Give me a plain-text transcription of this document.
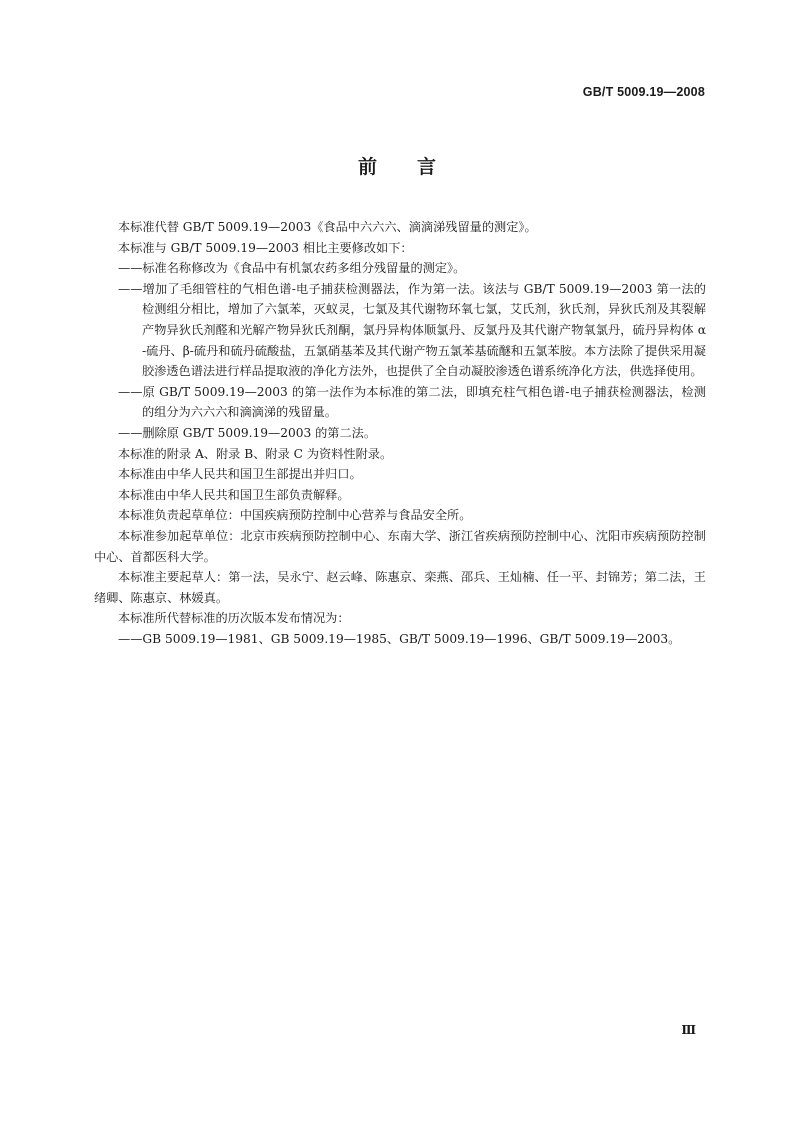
GB/T 5009.19—2008
前言

本标准代替 GB/T 5009.19—2003《食品中六六六、滴滴涕残留量的测定》。

本标准与 GB/T 5009.19—2003 相比主要修改如下：

——标准名称修改为《食品中有机氯农药多组分残留量的测定》。

——增加了毛细管柱的气相色谱-电子捕获检测器法，作为第一法。该法与 GB/T 5009.19—2003 第一法的检测组分相比，增加了六氯苯，灭蚁灵，七氯及其代谢物环氧七氯，艾氏剂，狄氏剂，异狄氏剂及其裂解产物异狄氏剂醛和光解产物异狄氏剂酮，氯丹异构体顺氯丹、反氯丹及其代谢产物氧氯丹，硫丹异构体 α-硫丹、β-硫丹和硫丹硫酸盐，五氯硝基苯及其代谢产物五氯苯基硫醚和五氯苯胺。本方法除了提供采用凝胶渗透色谱法进行样品提取液的净化方法外，也提供了全自动凝胶渗透色谱系统净化方法，供选择使用。

——原 GB/T 5009.19—2003 的第一法作为本标准的第二法，即填充柱气相色谱-电子捕获检测器法，检测的组分为六六六和滴滴涕的残留量。

——删除原 GB/T 5009.19—2003 的第二法。

本标准的附录 A、附录 B、附录 C 为资料性附录。

本标准由中华人民共和国卫生部提出并归口。

本标准由中华人民共和国卫生部负责解释。

本标准负责起草单位：中国疾病预防控制中心营养与食品安全所。

本标准参加起草单位：北京市疾病预防控制中心、东南大学、浙江省疾病预防控制中心、沈阳市疾病预防控制中心、首都医科大学。

本标准主要起草人：第一法，吴永宁、赵云峰、陈惠京、栾燕、邵兵、王灿楠、任一平、封锦芳；第二法，王绪卿、陈惠京、林媛真。

本标准所代替标准的历次版本发布情况为：

——GB 5009.19—1981、GB 5009.19—1985、GB/T 5009.19—1996、GB/T 5009.19—2003。

Ⅲ
